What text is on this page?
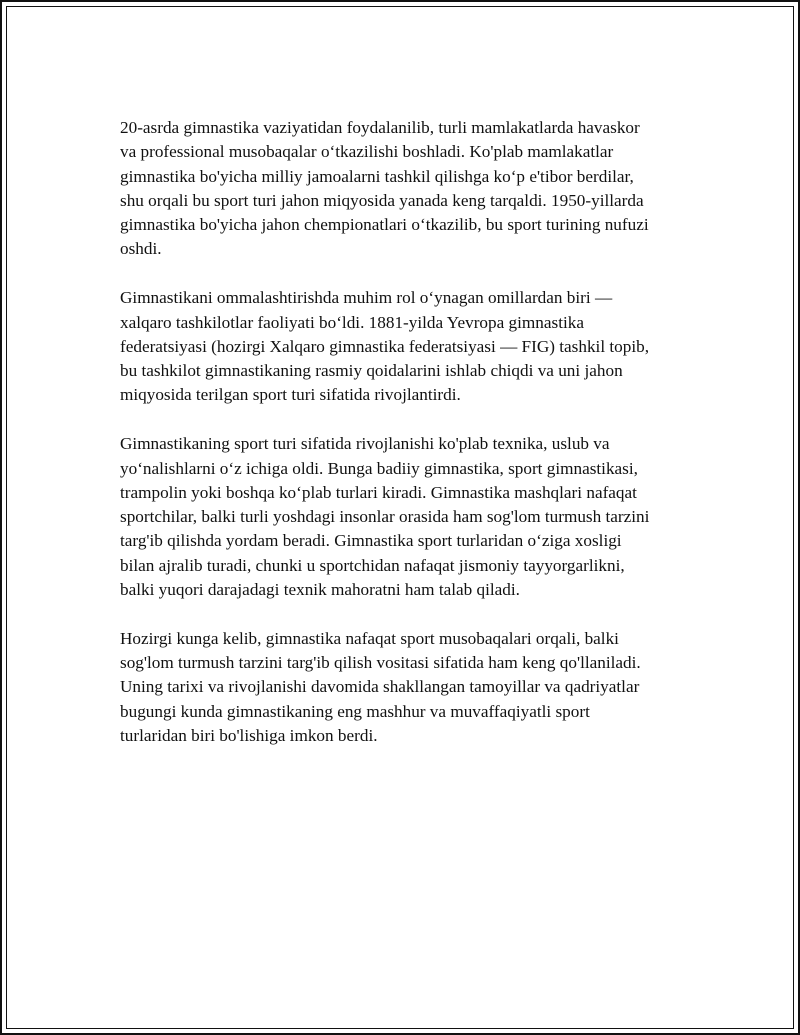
20-asrda gimnastika vaziyatidan foydalanilib, turli mamlakatlarda havaskor
va professional musobaqalar o‘tkazilishi boshladi. Ko'plab mamlakatlar
gimnastika bo'yicha milliy jamoalarni tashkil qilishga ko‘p e'tibor berdilar,
shu orqali bu sport turi jahon miqyosida yanada keng tarqaldi. 1950-yillarda
gimnastika bo'yicha jahon chempionatlari o‘tkazilib, bu sport turining nufuzi
oshdi.

Gimnastikani ommalashtirishda muhim rol o‘ynagan omillardan biri —
xalqaro tashkilotlar faoliyati bo‘ldi. 1881-yilda Yevropa gimnastika
federatsiyasi (hozirgi Xalqaro gimnastika federatsiyasi — FIG) tashkil topib,
bu tashkilot gimnastikaning rasmiy qoidalarini ishlab chiqdi va uni jahon
miqyosida terilgan sport turi sifatida rivojlantirdi.

Gimnastikaning sport turi sifatida rivojlanishi ko'plab texnika, uslub va
yo‘nalishlarni o‘z ichiga oldi. Bunga badiiy gimnastika, sport gimnastikasi,
trampolin yoki boshqa ko‘plab turlari kiradi. Gimnastika mashqlari nafaqat
sportchilar, balki turli yoshdagi insonlar orasida ham sog'lom turmush tarzini
targ'ib qilishda yordam beradi. Gimnastika sport turlaridan o‘ziga xosligi
bilan ajralib turadi, chunki u sportchidan nafaqat jismoniy tayyorgarlikni,
balki yuqori darajadagi texnik mahoratni ham talab qiladi.

Hozirgi kunga kelib, gimnastika nafaqat sport musobaqalari orqali, balki
sog'lom turmush tarzini targ'ib qilish vositasi sifatida ham keng qo'llaniladi.
Uning tarixi va rivojlanishi davomida shakllangan tamoyillar va qadriyatlar
bugungi kunda gimnastikaning eng mashhur va muvaffaqiyatli sport
turlaridan biri bo'lishiga imkon berdi.
